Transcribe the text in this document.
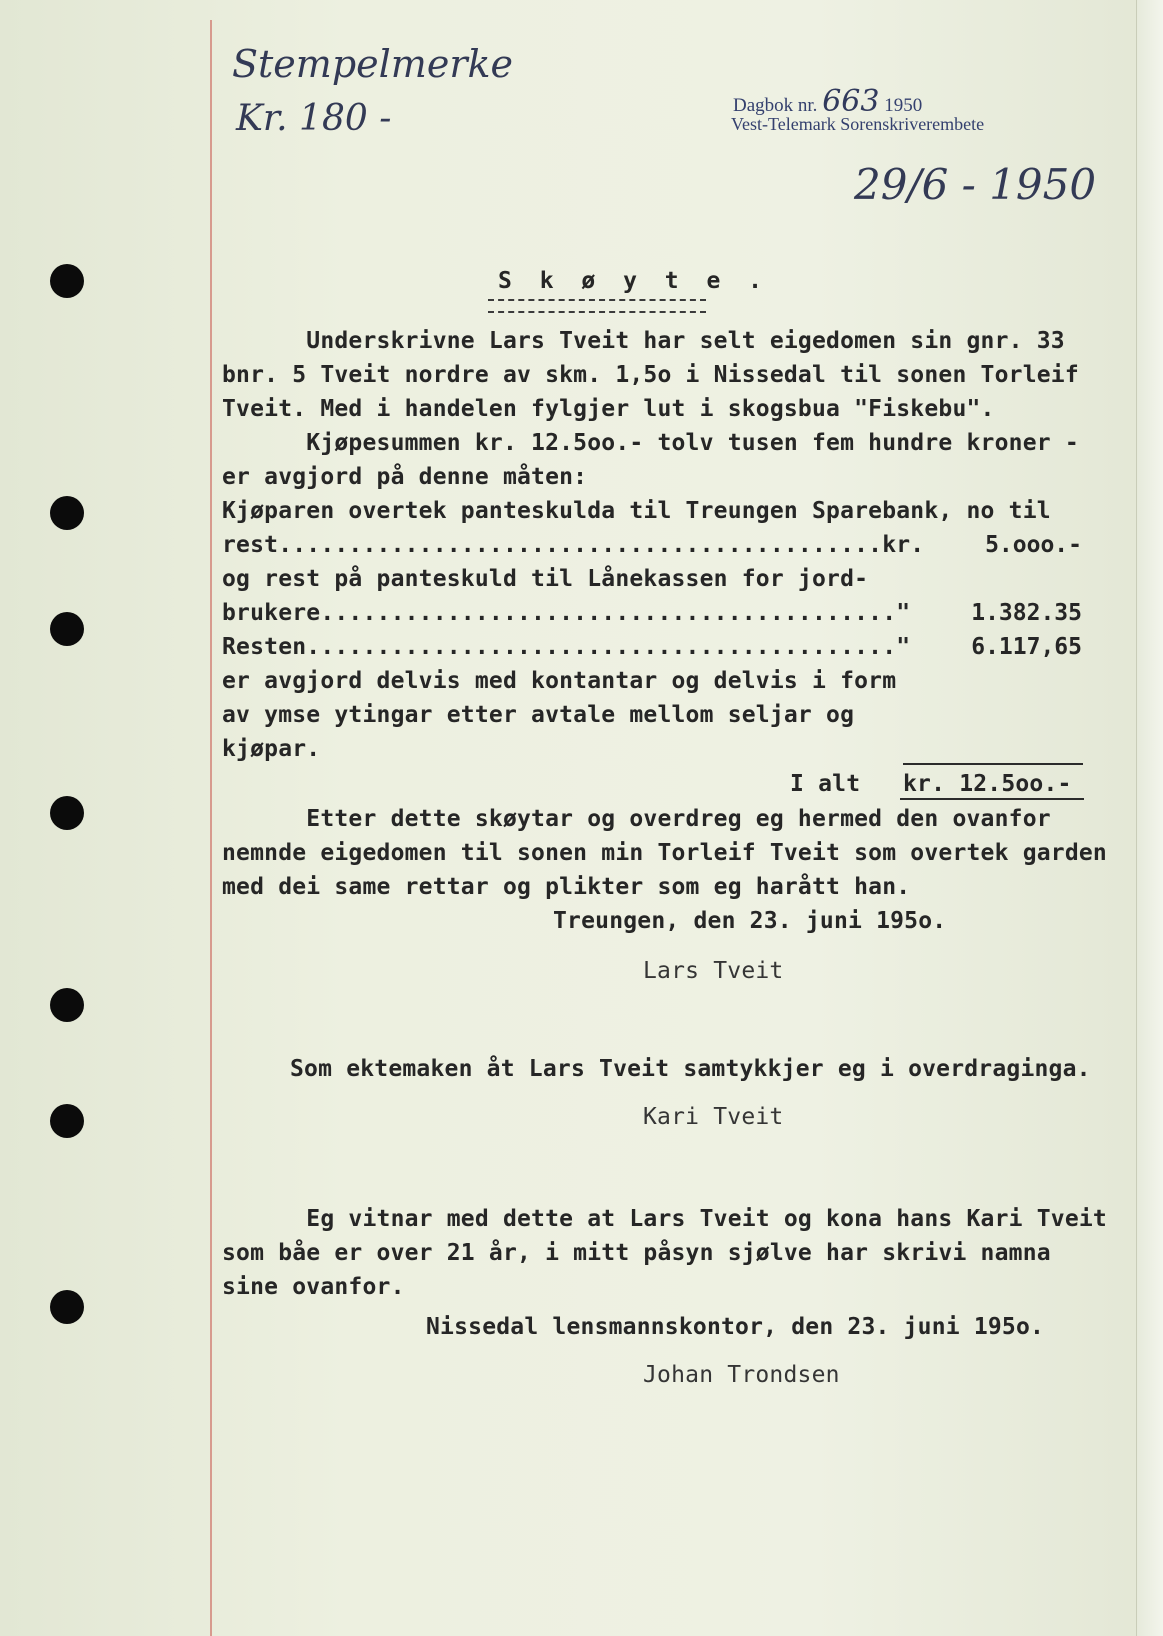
Stempelmerke
Kr. 180 -
29/6 - 1950
Dagbok nr. 663 1950
Vest-Telemark Sorenskriverembete
S k ø y t e .
Underskrivne Lars Tveit har selt eigedomen sin gnr. 33
bnr. 5 Tveit nordre av skm. 1,5o i Nissedal til sonen Torleif
Tveit. Med i handelen fylgjer lut i skogsbua "Fiskebu".
Kjøpesummen kr. 12.5oo.- tolv tusen fem hundre kroner -
er avgjord på denne måten:
Kjøparen overtek panteskulda til Treungen Sparebank, no til
rest...........................................kr.	5.ooo.-
og rest på panteskuld til Lånekassen for jord-
brukere........................................."	1.382.35
Resten.........................................."	6.117,65
er avgjord delvis med kontantar og delvis i form
av ymse ytingar etter avtale mellom seljar og
kjøpar.
I alt kr. 12.5oo.-
Etter dette skøytar og overdreg eg hermed den ovanfor
nemnde eigedomen til sonen min Torleif Tveit som overtek garden
med dei same rettar og plikter som eg harått han.
Treungen, den 23. juni 195o.
Lars Tveit
Som ektemaken åt Lars Tveit samtykkjer eg i overdraginga.
Kari Tveit
Eg vitnar med dette at Lars Tveit og kona hans Kari Tveit
som båe er over 21 år, i mitt påsyn sjølve har skrivi namna
sine ovanfor.
Nissedal lensmannskontor, den 23. juni 195o.
Johan Trondsen
